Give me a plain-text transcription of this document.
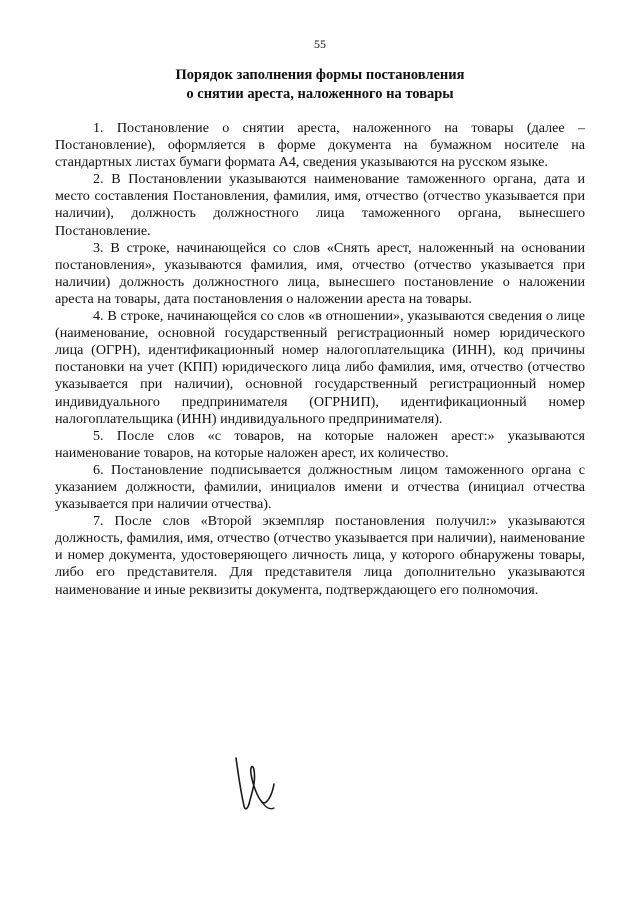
55
Порядок заполнения формы постановления
о снятии ареста, наложенного на товары

1. Постановление о снятии ареста, наложенного на товары (далее – Постановление), оформляется в форме документа на бумажном носителе на стандартных листах бумаги формата А4, сведения указываются на русском языке.

2. В Постановлении указываются наименование таможенного органа, дата и место составления Постановления, фамилия, имя, отчество (отчество указывается при наличии), должность должностного лица таможенного органа, вынесшего Постановление.

3. В строке, начинающейся со слов «Снять арест, наложенный на основании постановления», указываются фамилия, имя, отчество (отчество указывается при наличии) должность должностного лица, вынесшего постановление о наложении ареста на товары, дата постановления о наложении ареста на товары.

4. В строке, начинающейся со слов «в отношении», указываются сведения о лице (наименование, основной государственный регистрационный номер юридического лица (ОГРН), идентификационный номер налогоплательщика (ИНН), код причины постановки на учет (КПП) юридического лица либо фамилия, имя, отчество (отчество указывается при наличии), основной государственный регистрационный номер индивидуального предпринимателя (ОГРНИП), идентификационный номер налогоплательщика (ИНН) индивидуального предпринимателя).

5. После слов «с товаров, на которые наложен арест:» указываются наименование товаров, на которые наложен арест, их количество.

6. Постановление подписывается должностным лицом таможенного органа с указанием должности, фамилии, инициалов имени и отчества (инициал отчества указывается при наличии отчества).

7. После слов «Второй экземпляр постановления получил:» указываются должность, фамилия, имя, отчество (отчество указывается при наличии), наименование и номер документа, удостоверяющего личность лица, у которого обнаружены товары, либо его представителя. Для представителя лица дополнительно указываются наименование и иные реквизиты документа, подтверждающего его полномочия.
